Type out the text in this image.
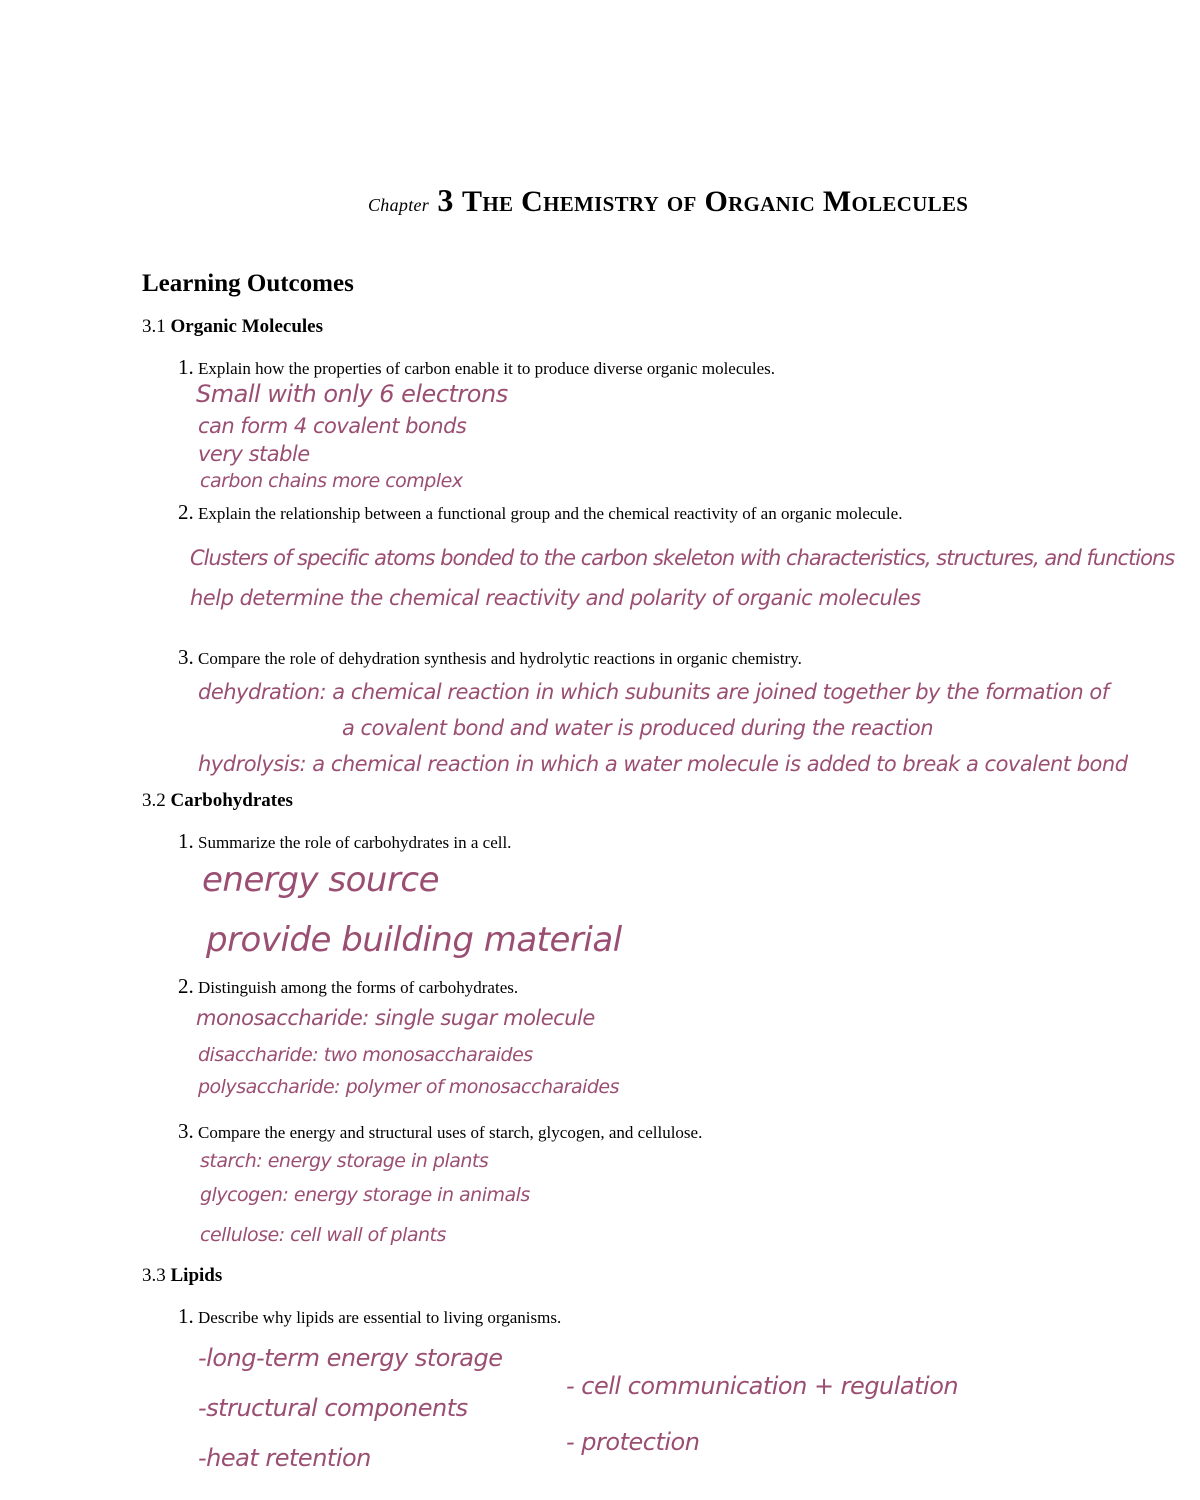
Chapter 3 The Chemistry of Organic Molecules
Learning Outcomes
3.1 Organic Molecules
1. Explain how the properties of carbon enable it to produce diverse organic molecules.
Small with only 6 electrons
can form 4 covalent bonds
very stable
carbon chains more complex
2. Explain the relationship between a functional group and the chemical reactivity of an organic molecule.
Clusters of specific atoms bonded to the carbon skeleton with characteristics, structures, and functions
help determine the chemical reactivity and polarity of organic molecules
3. Compare the role of dehydration synthesis and hydrolytic reactions in organic chemistry.
dehydration: a chemical reaction in which subunits are joined together by the formation of
a covalent bond and water is produced during the reaction
hydrolysis: a chemical reaction in which a water molecule is added to break a covalent bond
3.2 Carbohydrates
1. Summarize the role of carbohydrates in a cell.
energy source
provide building material
2. Distinguish among the forms of carbohydrates.
monosaccharide: single sugar molecule
disaccharide: two monosaccharaides
polysaccharide: polymer of monosaccharaides
3. Compare the energy and structural uses of starch, glycogen, and cellulose.
starch: energy storage in plants
glycogen: energy storage in animals
cellulose: cell wall of plants
3.3 Lipids
1. Describe why lipids are essential to living organisms.
-long-term energy storage
-structural components
-heat retention
- cell communication + regulation
- protection
